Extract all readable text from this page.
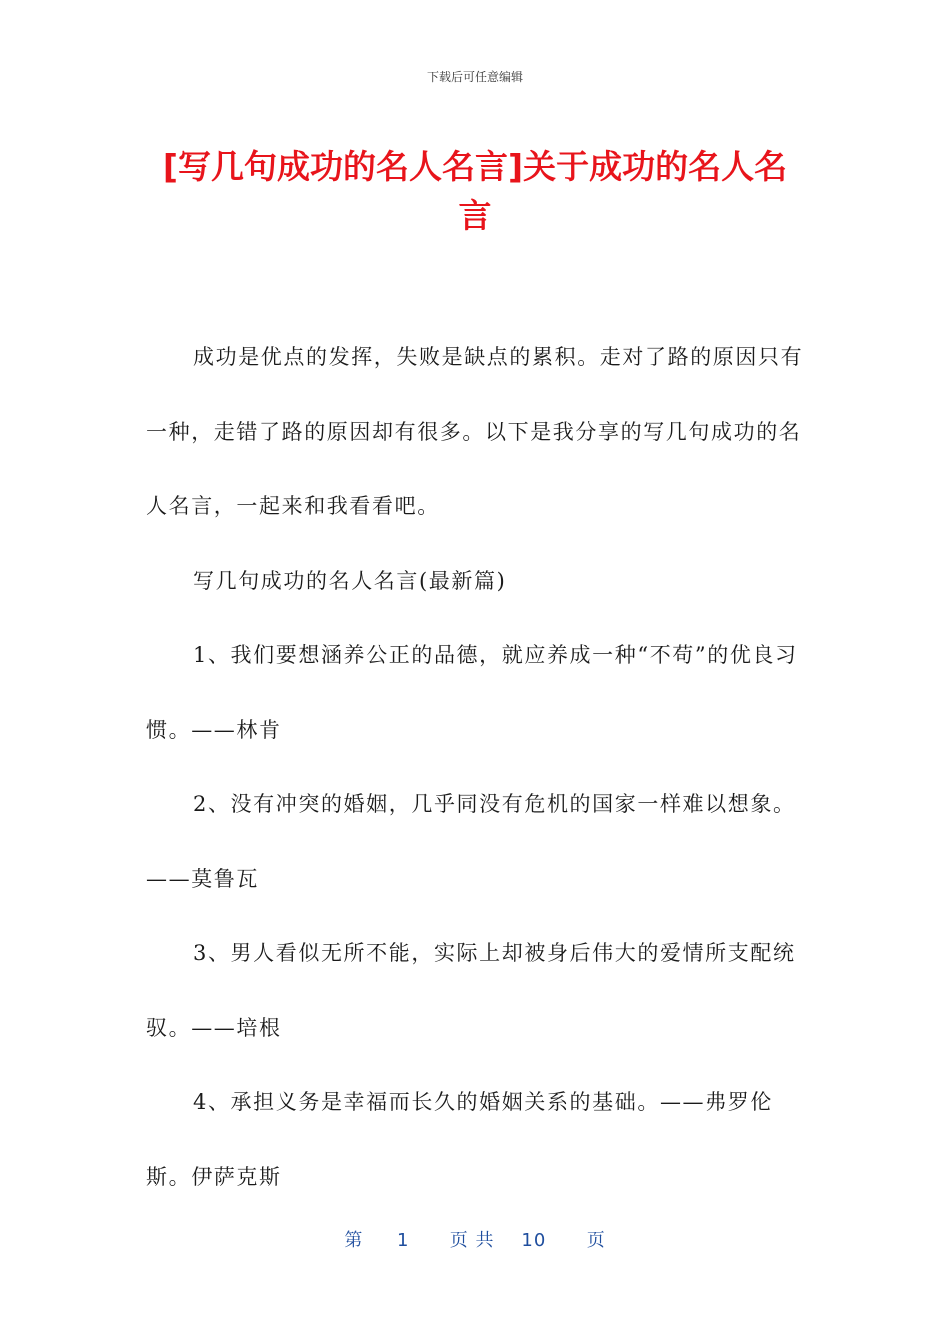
下载后可任意编辑
[写几句成功的名人名言]关于成功的名人名言

成功是优点的发挥，失败是缺点的累积。走对了路的原因只有一种，走错了路的原因却有很多。以下是我分享的写几句成功的名人名言，一起来和我看看吧。

写几句成功的名人名言(最新篇)

1、我们要想涵养公正的品德，就应养成一种“不苟”的优良习惯。——林肯

2、没有冲突的婚姻，几乎同没有危机的国家一样难以想象。——莫鲁瓦

3、男人看似无所不能，实际上却被身后伟大的爱情所支配统驭。——培根

4、承担义务是幸福而长久的婚姻关系的基础。——弗罗伦斯。伊萨克斯

第 1 页 共 10 页
